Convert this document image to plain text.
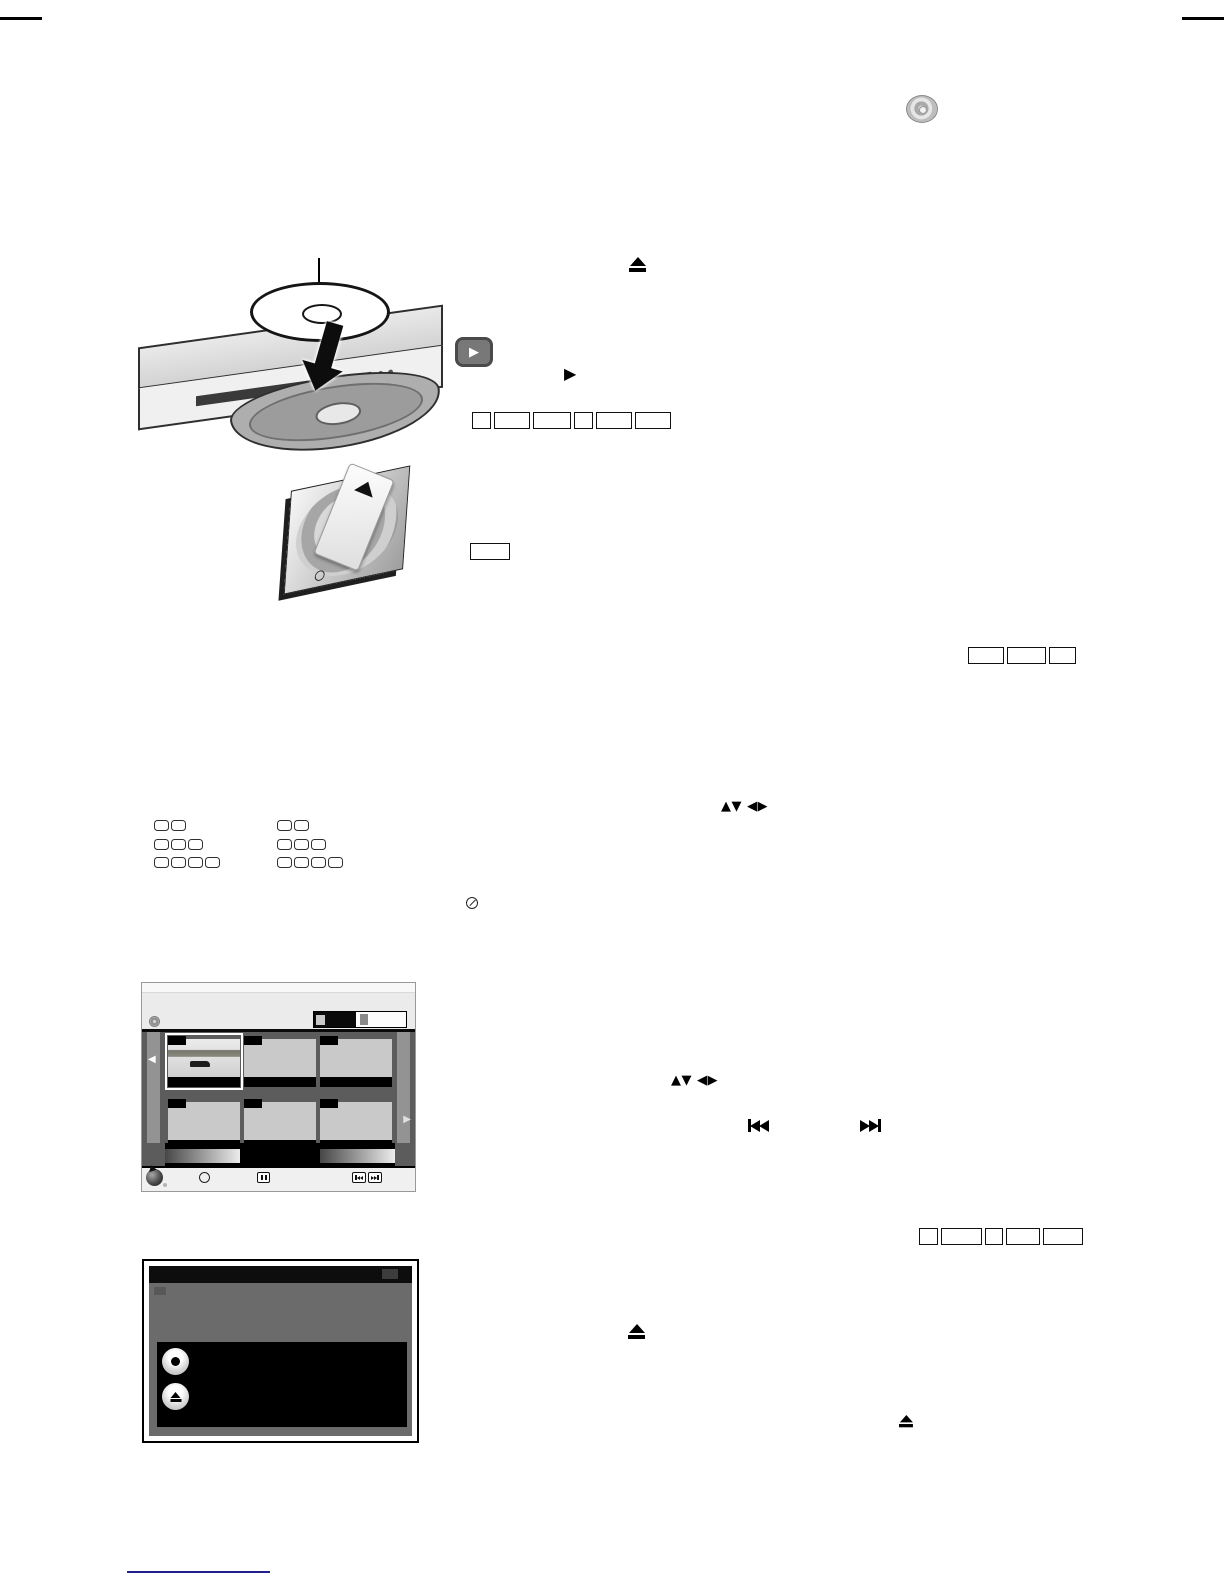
▶
▶
▲▼ ◀▶
◀
▶
▲▼ ◀▶
